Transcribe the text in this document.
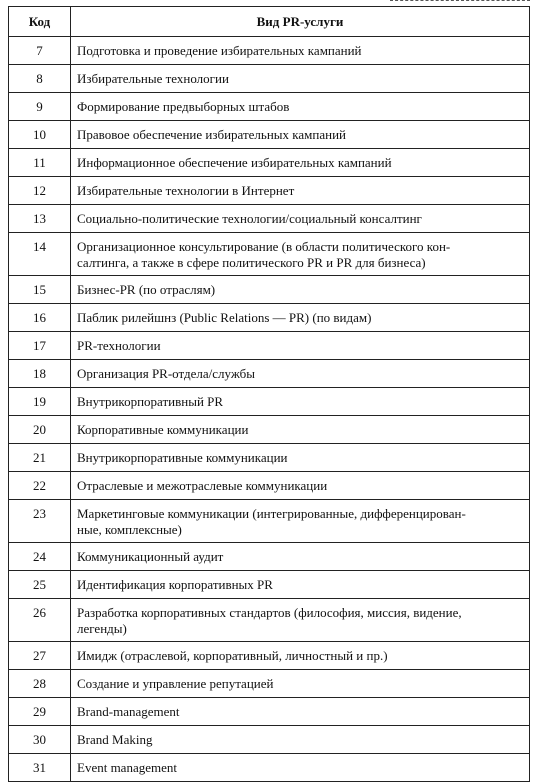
Код	Вид PR-услуги
7	Подготовка и проведение избирательных кампаний
8	Избирательные технологии
9	Формирование предвыборных штабов
10	Правовое обеспечение избирательных кампаний
11	Информационное обеспечение избирательных кампаний
12	Избирательные технологии в Интернет
13	Социально-политические технологии/социальный консалтинг
14	Организационное консультирование (в области политического кон-
салтинга, а также в сфере политического PR и PR для бизнеса)
15	Бизнес-PR (по отраслям)
16	Паблик рилейшнз (Public Relations — PR) (по видам)
17	PR-технологии
18	Организация PR-отдела/службы
19	Внутрикорпоративный PR
20	Корпоративные коммуникации
21	Внутрикорпоративные коммуникации
22	Отраслевые и межотраслевые коммуникации
23	Маркетинговые коммуникации (интегрированные, дифференцирован-
ные, комплексные)
24	Коммуникационный аудит
25	Идентификация корпоративных PR
26	Разработка корпоративных стандартов (философия, миссия, видение,
легенды)
27	Имидж (отраслевой, корпоративный, личностный и пр.)
28	Создание и управление репутацией
29	Brand-management
30	Brand Making
31	Event management
